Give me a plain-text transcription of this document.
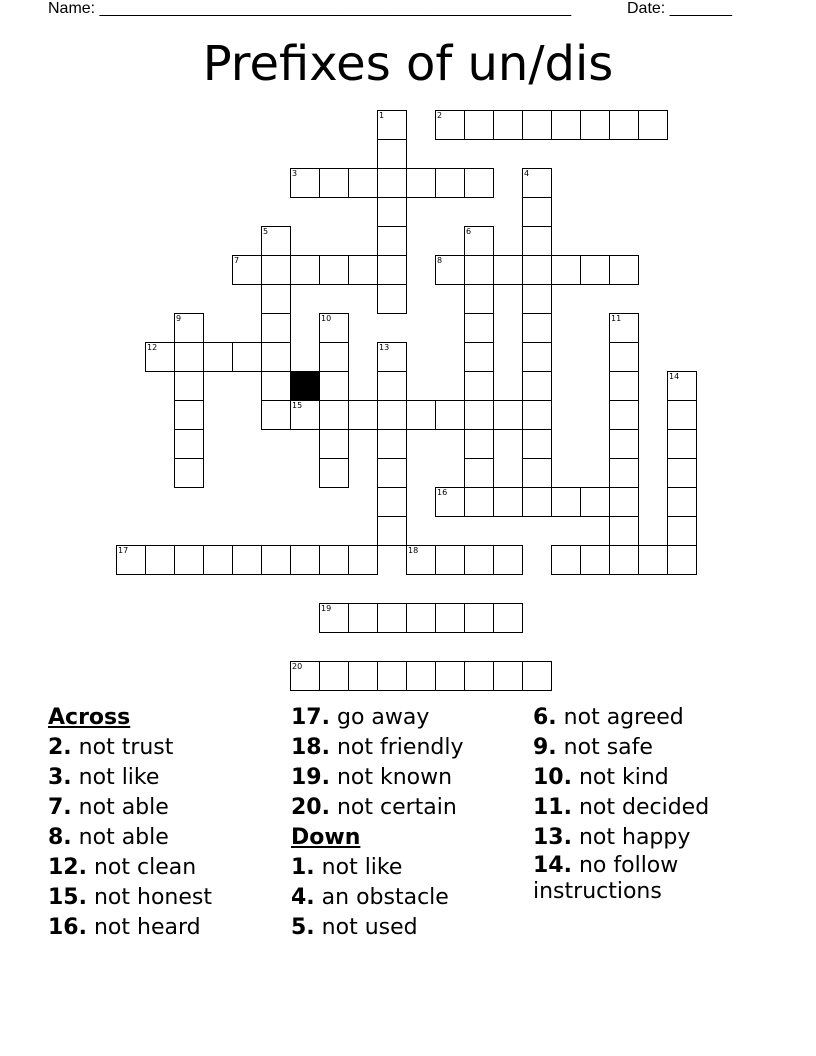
Name: _____________________________________________________	Date: _______
Prefixes of un/dis
1	2
3	4
5	6
7	8
9	10	11
12	13
14
15
16
17	18
19
20
Across
2. not trust
3. not like
7. not able
8. not able
12. not clean
15. not honest
16. not heard
17. go away
18. not friendly
19. not known
20. not certain
Down
1. not like
4. an obstacle
5. not used
6. not agreed
9. not safe
10. not kind
11. not decided
13. not happy
14. no follow instructions
